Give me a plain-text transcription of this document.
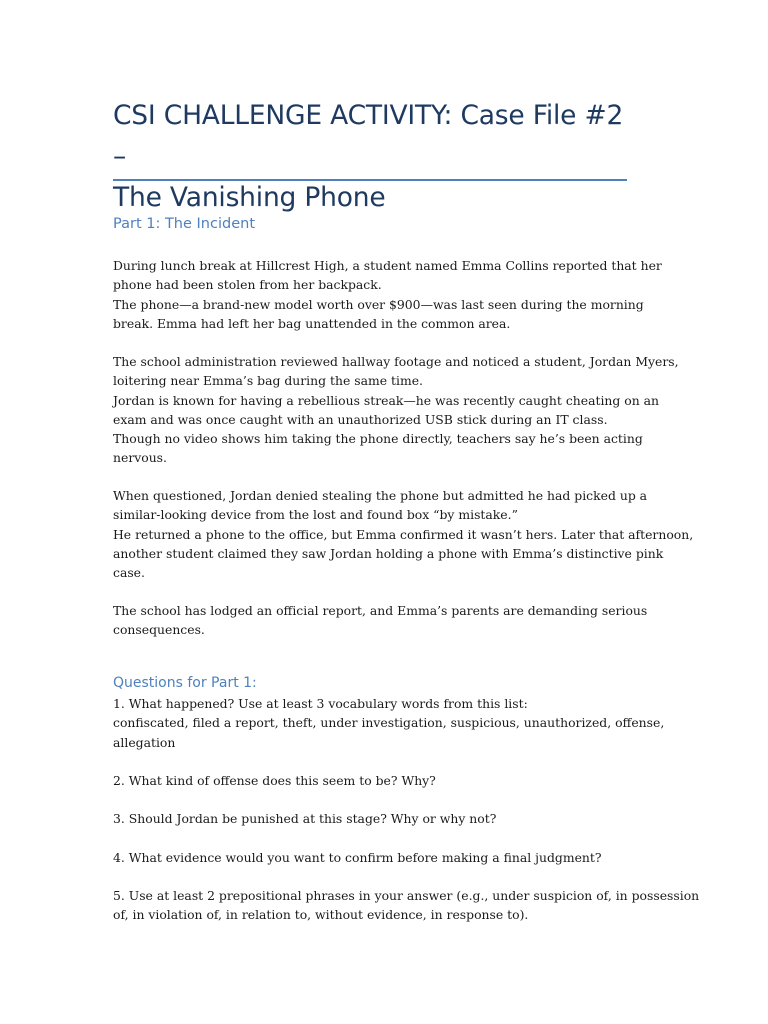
CSI CHALLENGE ACTIVITY: Case File #2 –
The Vanishing Phone
Part 1: The Incident

During lunch break at Hillcrest High, a student named Emma Collins reported that her
phone had been stolen from her backpack.
The phone—a brand-new model worth over $900—was last seen during the morning
break. Emma had left her bag unattended in the common area.

The school administration reviewed hallway footage and noticed a student, Jordan Myers,
loitering near Emma’s bag during the same time.
Jordan is known for having a rebellious streak—he was recently caught cheating on an
exam and was once caught with an unauthorized USB stick during an IT class.
Though no video shows him taking the phone directly, teachers say he’s been acting
nervous.

When questioned, Jordan denied stealing the phone but admitted he had picked up a
similar-looking device from the lost and found box “by mistake.”
He returned a phone to the office, but Emma confirmed it wasn’t hers. Later that afternoon,
another student claimed they saw Jordan holding a phone with Emma’s distinctive pink
case.

The school has lodged an official report, and Emma’s parents are demanding serious
consequences.

Questions for Part 1:

1. What happened? Use at least 3 vocabulary words from this list:
confiscated, filed a report, theft, under investigation, suspicious, unauthorized, offense,
allegation

2. What kind of offense does this seem to be? Why?

3. Should Jordan be punished at this stage? Why or why not?

4. What evidence would you want to confirm before making a final judgment?

5. Use at least 2 prepositional phrases in your answer (e.g., under suspicion of, in possession
of, in violation of, in relation to, without evidence, in response to).
